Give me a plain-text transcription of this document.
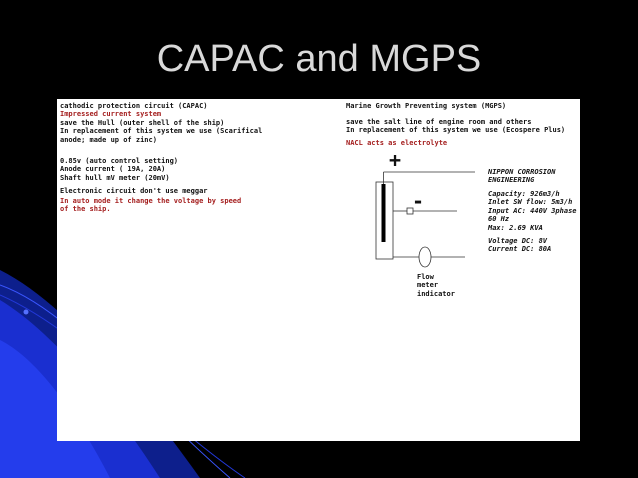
CAPAC and MGPS
cathodic protection circuit (CAPAC)
Impressed current system
save the Hull (outer shell of the ship)
In replacement of this system we use (Scarifical
anode; made up of zinc)
0.85v (auto control setting)
Anode current ( 19A, 20A)
Shaft hull mV meter (20mV)
Electronic circuit don't use meggar
In auto mode it change the voltage by speed
of the ship.
Marine Growth Preventing system (MGPS)
save the salt line of engine room and others
In replacement of this system we use (Ecospere Plus)
NACL acts as electrolyte
+
-
NIPPON CORROSION
ENGINEERING
Capacity: 926m3/h
Inlet SW flow: 5m3/h
Input AC: 440V 3phase
60 Hz
Max: 2.69 KVA
Voltage DC: 8V
Current DC: 80A
Flow
meter
indicator
